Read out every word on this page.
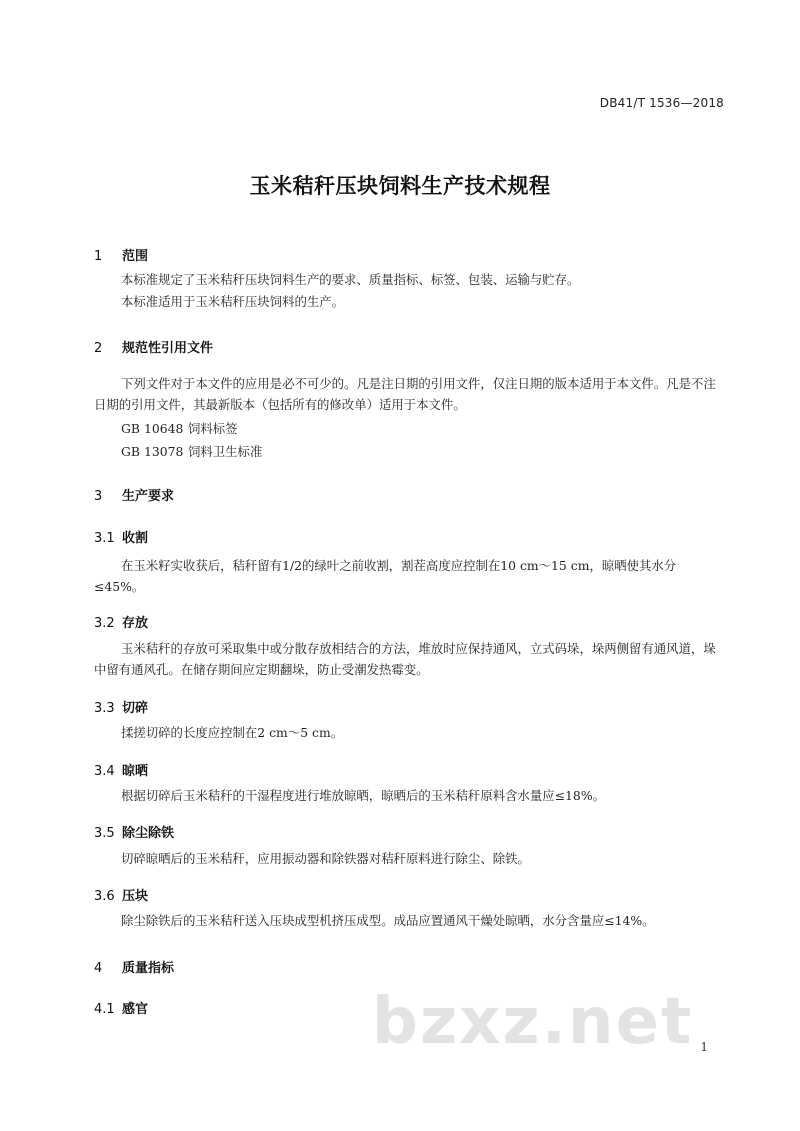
DB41/T 1536—2018
玉米秸秆压块饲料生产技术规程
1 范围
本标准规定了玉米秸秆压块饲料生产的要求、质量指标、标签、包装、运输与贮存。
本标准适用于玉米秸秆压块饲料的生产。
2 规范性引用文件
下列文件对于本文件的应用是必不可少的。凡是注日期的引用文件，仅注日期的版本适用于本文件。凡是不注日期的引用文件，其最新版本（包括所有的修改单）适用于本文件。
GB 10648 饲料标签
GB 13078 饲料卫生标准
3 生产要求
3.1 收割
在玉米籽实收获后，秸秆留有1/2的绿叶之前收割，割茬高度应控制在10 cm～15 cm，晾晒使其水分≤45%。
3.2 存放
玉米秸秆的存放可采取集中或分散存放相结合的方法，堆放时应保持通风，立式码垛，垛两侧留有通风道，垛中留有通风孔。在储存期间应定期翻垛，防止受潮发热霉变。
3.3 切碎
揉搓切碎的长度应控制在2 cm～5 cm。
3.4 晾晒
根据切碎后玉米秸秆的干湿程度进行堆放晾晒，晾晒后的玉米秸秆原料含水量应≤18%。
3.5 除尘除铁
切碎晾晒后的玉米秸秆，应用振动器和除铁器对秸秆原料进行除尘、除铁。
3.6 压块
除尘除铁后的玉米秸秆送入压块成型机挤压成型。成品应置通风干燥处晾晒，水分含量应≤14%。
4 质量指标
4.1 感官	bzxz.net 1
